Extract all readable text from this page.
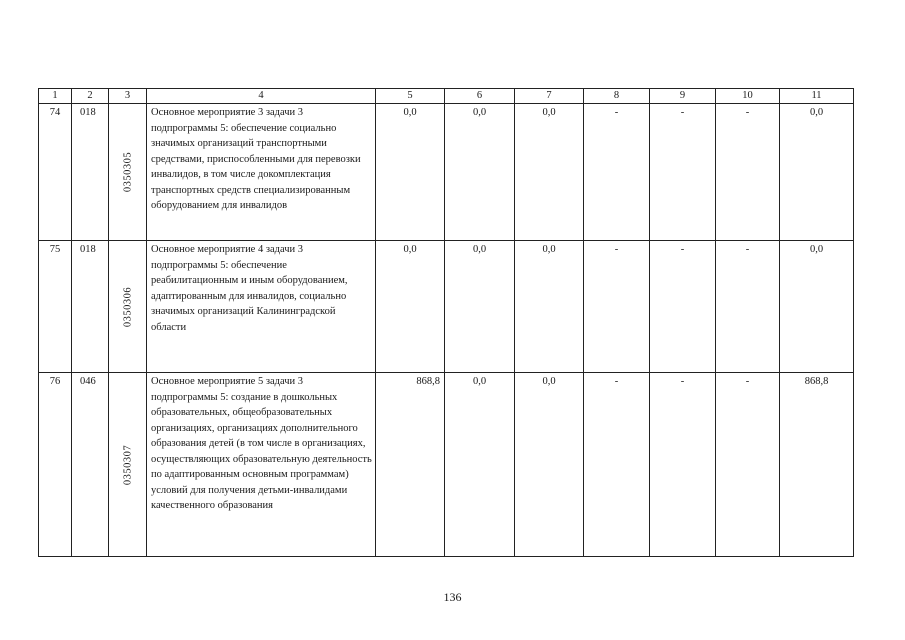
1	2	3	4	5	6	7	8	9	10	11
74	018	0350305	Основное мероприятие 3 задачи 3 подпрограммы 5: обеспечение социально значимых организаций транспортными средствами, приспособленными для перевозки инвалидов, в том числе докомплектация транспортных средств специализированным оборудованием для инвалидов	0,0	0,0	0,0	-	-	-	0,0
75	018	0350306	Основное мероприятие 4 задачи 3 подпрограммы 5: обеспечение реабилитационным и иным оборудованием, адаптированным для инвалидов, социально значимых организаций Калининградской области	0,0	0,0	0,0	-	-	-	0,0
76	046	0350307	Основное мероприятие 5 задачи 3 подпрограммы 5: создание в дошкольных образовательных, общеобразовательных организациях, организациях дополнительного образования детей (в том числе в организациях, осуществляющих образовательную деятельность по адаптированным основным программам) условий для получения детьми-инвалидами качественного образования	868,8	0,0	0,0	-	-	-	868,8
136
